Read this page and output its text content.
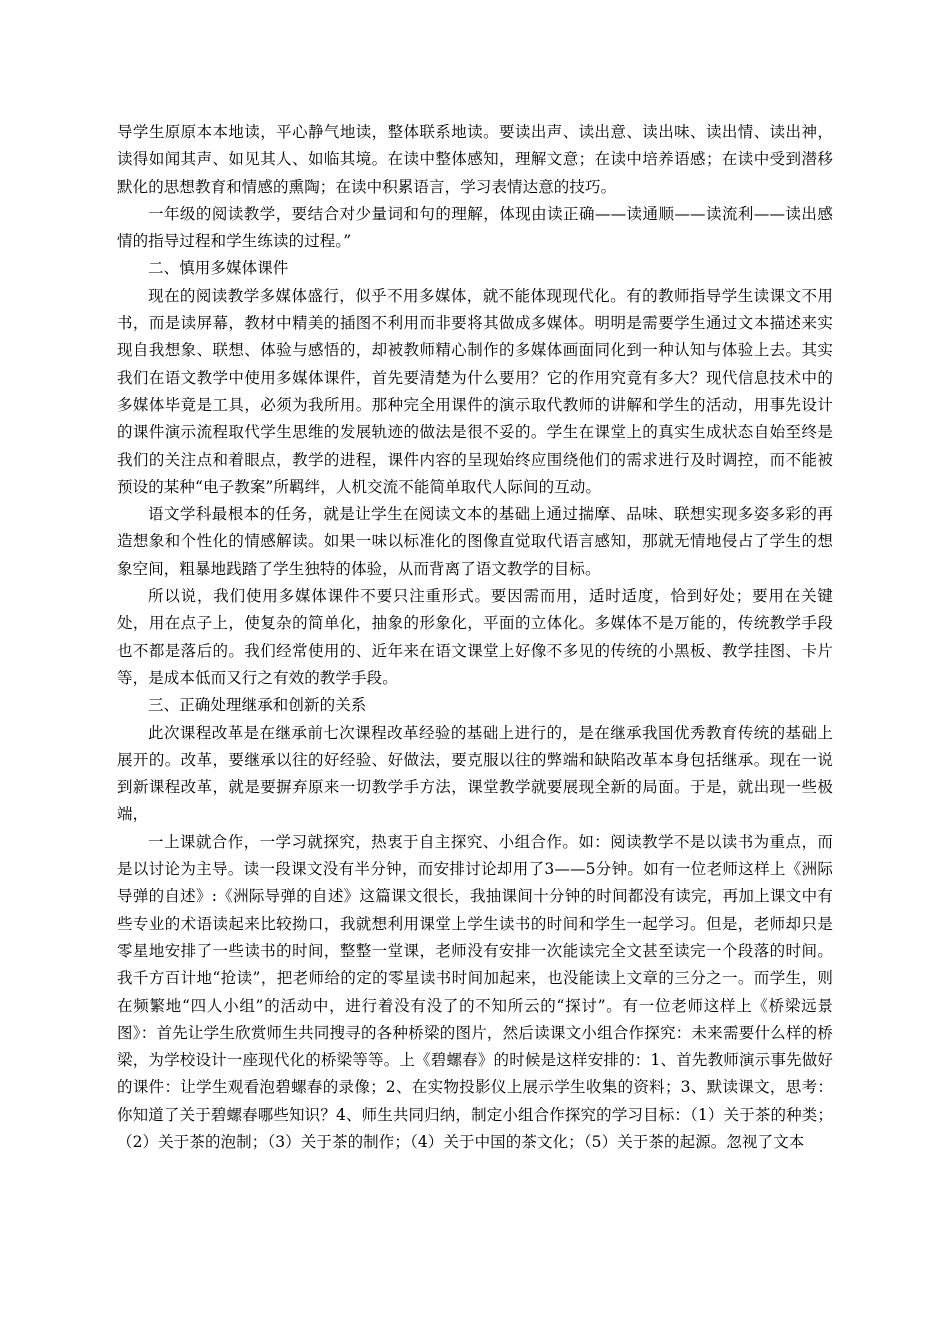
导学生原原本本地读，平心静气地读，整体联系地读。要读出声、读出意、读出味、读出情、读出神，读得如闻其声、如见其人、如临其境。在读中整体感知，理解文意；在读中培养语感；在读中受到潜移默化的思想教育和情感的熏陶；在读中积累语言，学习表情达意的技巧。

一年级的阅读教学，要结合对少量词和句的理解，体现由读正确——读通顺——读流利——读出感情的指导过程和学生练读的过程。”

二、慎用多媒体课件

现在的阅读教学多媒体盛行，似乎不用多媒体，就不能体现现代化。有的教师指导学生读课文不用书，而是读屏幕，教材中精美的插图不利用而非要将其做成多媒体。明明是需要学生通过文本描述来实现自我想象、联想、体验与感悟的，却被教师精心制作的多媒体画面同化到一种认知与体验上去。其实我们在语文教学中使用多媒体课件，首先要清楚为什么要用？它的作用究竟有多大？现代信息技术中的多媒体毕竟是工具，必须为我所用。那种完全用课件的演示取代教师的讲解和学生的活动，用事先设计的课件演示流程取代学生思维的发展轨迹的做法是很不妥的。学生在课堂上的真实生成状态自始至终是我们的关注点和着眼点，教学的进程，课件内容的呈现始终应围绕他们的需求进行及时调控，而不能被预设的某种“电子教案”所羁绊，人机交流不能简单取代人际间的互动。

语文学科最根本的任务，就是让学生在阅读文本的基础上通过揣摩、品味、联想实现多姿多彩的再造想象和个性化的情感解读。如果一味以标准化的图像直觉取代语言感知，那就无情地侵占了学生的想象空间，粗暴地践踏了学生独特的体验，从而背离了语文教学的目标。

所以说，我们使用多媒体课件不要只注重形式。要因需而用，适时适度，恰到好处；要用在关键处，用在点子上，使复杂的简单化，抽象的形象化，平面的立体化。多媒体不是万能的，传统教学手段也不都是落后的。我们经常使用的、近年来在语文课堂上好像不多见的传统的小黑板、教学挂图、卡片等，是成本低而又行之有效的教学手段。

三、正确处理继承和创新的关系

此次课程改革是在继承前七次课程改革经验的基础上进行的，是在继承我国优秀教育传统的基础上展开的。改革，要继承以往的好经验、好做法，要克服以往的弊端和缺陷改革本身包括继承。现在一说到新课程改革，就是要摒弃原来一切教学手方法，课堂教学就要展现全新的局面。于是，就出现一些极端，

一上课就合作，一学习就探究，热衷于自主探究、小组合作。如：阅读教学不是以读书为重点，而是以讨论为主导。读一段课文没有半分钟，而安排讨论却用了3——5分钟。如有一位老师这样上《洲际导弹的自述》:《洲际导弹的自述》这篇课文很长，我抽课间十分钟的时间都没有读完，再加上课文中有些专业的术语读起来比较拗口，我就想利用课堂上学生读书的时间和学生一起学习。但是，老师却只是零星地安排了一些读书的时间，整整一堂课，老师没有安排一次能读完全文甚至读完一个段落的时间。我千方百计地“抢读”，把老师给的定的零星读书时间加起来，也没能读上文章的三分之一。而学生，则在频繁地“四人小组”的活动中，进行着没有没了的不知所云的“探讨”。有一位老师这样上《桥梁远景图》：首先让学生欣赏师生共同搜寻的各种桥梁的图片，然后读课文小组合作探究：未来需要什么样的桥梁，为学校设计一座现代化的桥梁等等。上《碧螺春》的时候是这样安排的：1、首先教师演示事先做好的课件：让学生观看泡碧螺春的录像；2、在实物投影仪上展示学生收集的资料；3、默读课文，思考：你知道了关于碧螺春哪些知识？4、师生共同归纳，制定小组合作探究的学习目标：（1）关于茶的种类；（2）关于茶的泡制；（3）关于茶的制作；（4）关于中国的茶文化；（5）关于茶的起源。忽视了文本
